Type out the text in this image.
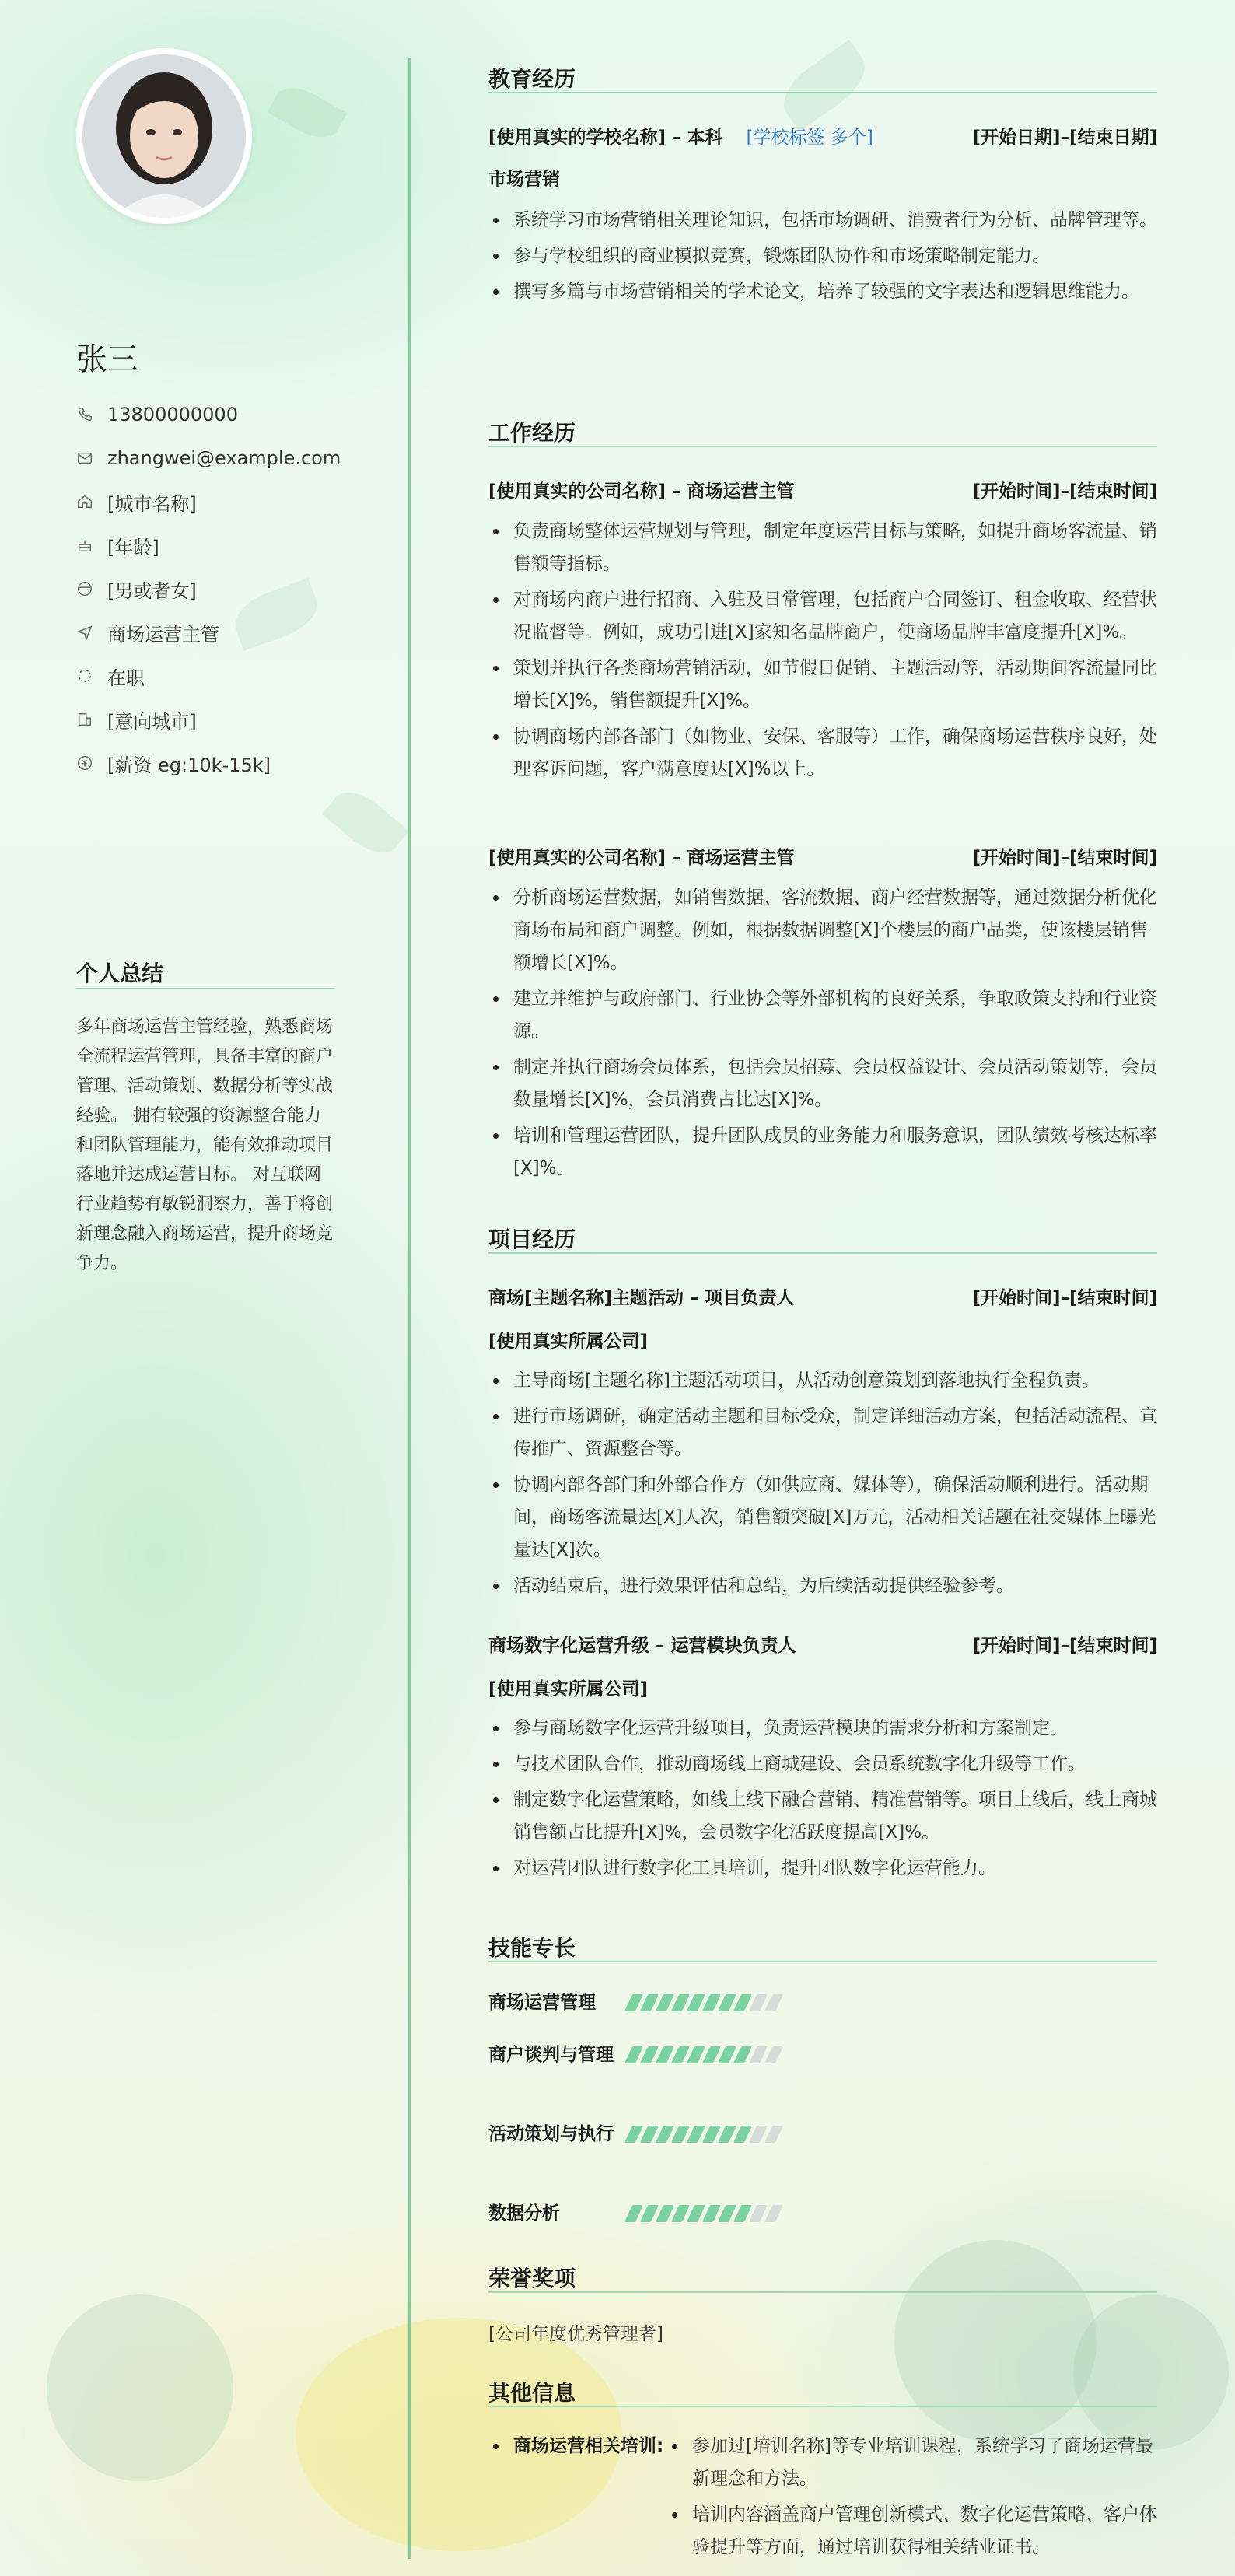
张三
13800000000
zhangwei@example.com
[城市名称]
[年龄]
[男或者女]
商场运营主管
在职
[意向城市]
[薪资 eg:10k-15k]
个人总结
多年商场运营主管经验，熟悉商场全流程运营管理，具备丰富的商户管理、活动策划、数据分析等实战经验。 拥有较强的资源整合能力和团队管理能力，能有效推动项目落地并达成运营目标。 对互联网行业趋势有敏锐洞察力，善于将创新理念融入商场运营，提升商场竞争力。
教育经历
[使用真实的学校名称] – 本科 [学校标签 多个]	[开始日期]–[结束日期]
市场营销
系统学习市场营销相关理论知识，包括市场调研、消费者行为分析、品牌管理等。
参与学校组织的商业模拟竞赛，锻炼团队协作和市场策略制定能力。
撰写多篇与市场营销相关的学术论文，培养了较强的文字表达和逻辑思维能力。
工作经历
[使用真实的公司名称] – 商场运营主管	[开始时间]–[结束时间]
负责商场整体运营规划与管理，制定年度运营目标与策略，如提升商场客流量、销售额等指标。
对商场内商户进行招商、入驻及日常管理，包括商户合同签订、租金收取、经营状况监督等。例如，成功引进[X]家知名品牌商户，使商场品牌丰富度提升[X]%。
策划并执行各类商场营销活动，如节假日促销、主题活动等，活动期间客流量同比增长[X]%，销售额提升[X]%。
协调商场内部各部门（如物业、安保、客服等）工作，确保商场运营秩序良好，处理客诉问题，客户满意度达[X]%以上。
[使用真实的公司名称] – 商场运营主管	[开始时间]–[结束时间]
分析商场运营数据，如销售数据、客流数据、商户经营数据等，通过数据分析优化商场布局和商户调整。例如，根据数据调整[X]个楼层的商户品类，使该楼层销售额增长[X]%。
建立并维护与政府部门、行业协会等外部机构的良好关系，争取政策支持和行业资源。
制定并执行商场会员体系，包括会员招募、会员权益设计、会员活动策划等，会员数量增长[X]%，会员消费占比达[X]%。
培训和管理运营团队，提升团队成员的业务能力和服务意识，团队绩效考核达标率[X]%。
项目经历
商场[主题名称]主题活动 – 项目负责人	[开始时间]–[结束时间]
[使用真实所属公司]
主导商场[主题名称]主题活动项目，从活动创意策划到落地执行全程负责。
进行市场调研，确定活动主题和目标受众，制定详细活动方案，包括活动流程、宣传推广、资源整合等。
协调内部各部门和外部合作方（如供应商、媒体等），确保活动顺利进行。活动期间，商场客流量达[X]人次，销售额突破[X]万元，活动相关话题在社交媒体上曝光量达[X]次。
活动结束后，进行效果评估和总结，为后续活动提供经验参考。
商场数字化运营升级 – 运营模块负责人	[开始时间]–[结束时间]
[使用真实所属公司]
参与商场数字化运营升级项目，负责运营模块的需求分析和方案制定。
与技术团队合作，推动商场线上商城建设、会员系统数字化升级等工作。
制定数字化运营策略，如线上线下融合营销、精准营销等。项目上线后，线上商城销售额占比提升[X]%，会员数字化活跃度提高[X]%。
对运营团队进行数字化工具培训，提升团队数字化运营能力。
技能专长
商场运营管理
商户谈判与管理
活动策划与执行
数据分析
荣誉奖项
[公司年度优秀管理者]
其他信息
商场运营相关培训:	参加过[培训名称]等专业培训课程，系统学习了商场运营最新理念和方法。
培训内容涵盖商户管理创新模式、数字化运营策略、客户体验提升等方面，通过培训获得相关结业证书。
